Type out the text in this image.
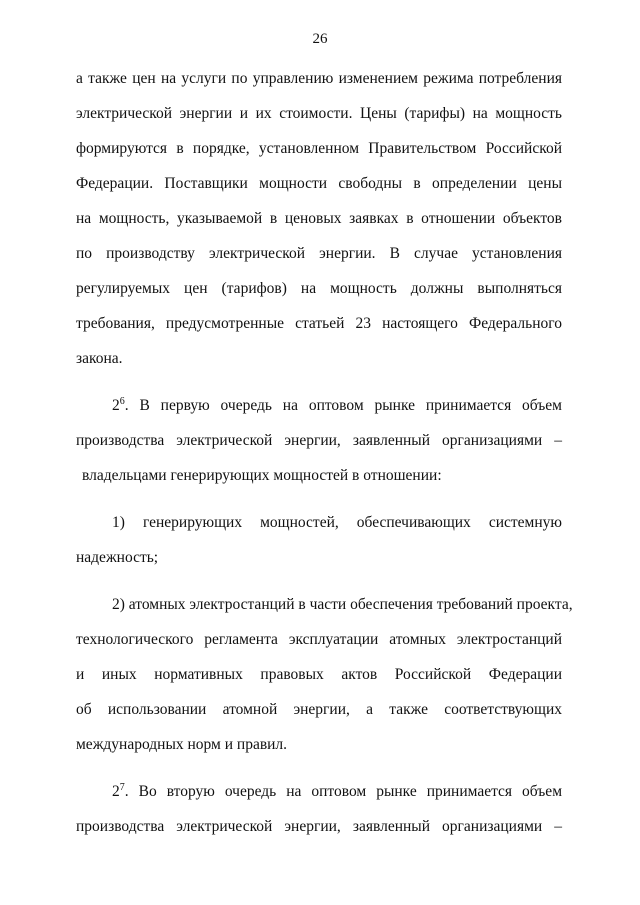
26
а также цен на услуги по управлению изменением режима потребления
электрической энергии и их стоимости. Цены (тарифы) на мощность
формируются в порядке, установленном Правительством Российской
Федерации. Поставщики мощности свободны в определении цены
на мощность, указываемой в ценовых заявках в отношении объектов
по производству электрической энергии. В случае установления
регулируемых цен (тарифов) на мощность должны выполняться
требования, предусмотренные статьей 23 настоящего Федерального
закона.
$2^6$. В первую очередь на оптовом рынке принимается объем
производства электрической энергии, заявленный организациями –
владельцами генерирующих мощностей в отношении:
1) генерирующих мощностей, обеспечивающих системную
надежность;
2) атомных электростанций в части обеспечения требований проекта,
технологического регламента эксплуатации атомных электростанций
и иных нормативных правовых актов Российской Федерации
об использовании атомной энергии, а также соответствующих
международных норм и правил.
$2^7$. Во вторую очередь на оптовом рынке принимается объем
производства электрической энергии, заявленный организациями –
